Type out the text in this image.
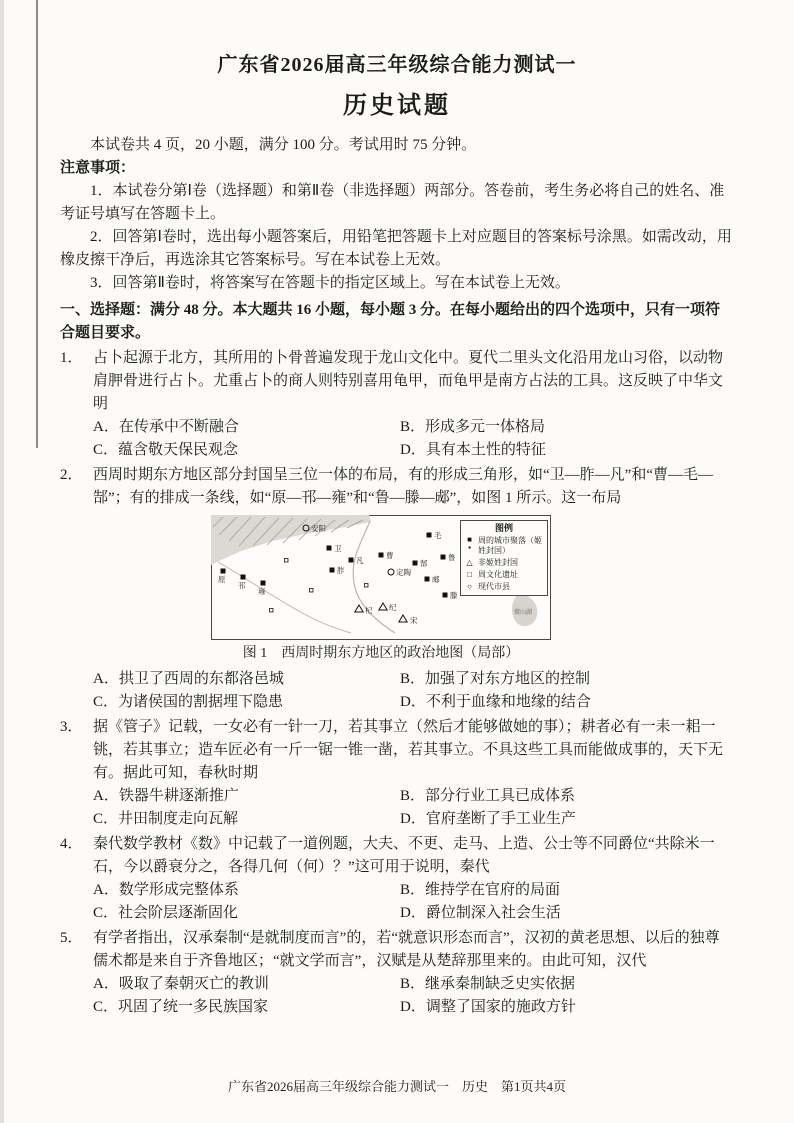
广东省2026届高三年级综合能力测试一
历史试题

本试卷共 4 页，20 小题，满分 100 分。考试用时 75 分钟。

注意事项：

1．本试卷分第Ⅰ卷（选择题）和第Ⅱ卷（非选择题）两部分。答卷前，考生务必将自己的姓名、准考证号填写在答题卡上。

2．回答第Ⅰ卷时，选出每小题答案后，用铅笔把答题卡上对应题目的答案标号涂黑。如需改动，用橡皮擦干净后，再选涂其它答案标号。写在本试卷上无效。

3．回答第Ⅱ卷时，将答案写在答题卡的指定区域上。写在本试卷上无效。

一、选择题：满分 48 分。本大题共 16 小题，每小题 3 分。在每小题给出的四个选项中，只有一项符合题目要求。

1． 占卜起源于北方，其所用的卜骨普遍发现于龙山文化中。夏代二里头文化沿用龙山习俗，以动物肩胛骨进行占卜。尤重占卜的商人则特别喜用龟甲，而龟甲是南方占法的工具。这反映了中华文明
A．在传承中不断融合	B．形成多元一体格局
C．蕴含敬天保民观念	D．具有本土性的特征
2． 西周时期东方地区部分封国呈三位一体的布局，有的形成三角形，如“卫—胙—凡”和“曹—毛—郜”；有的排成一条线，如“原—邗—雍”和“鲁—滕—郕”，如图 1 所示。这一布局
安阳
卫
凡
胙
原
邗
雍
曹
定陶
毛
郜
鲁
郕
滕
宋
杞 纪
微山湖
图例
■
▪
周的城市聚落（姬姓封国）
△ 非姬姓封国
□ 周文化遗址
○ 现代市县
图 1　西周时期东方地区的政治地图（局部）
A．拱卫了西周的东都洛邑城	B．加强了对东方地区的控制
C．为诸侯国的割据埋下隐患	D．不利于血缘和地缘的结合
3． 据《管子》记载，一女必有一针一刀，若其事立（然后才能够做她的事）；耕者必有一耒一耜一铫，若其事立；造车匠必有一斤一锯一锥一凿，若其事立。不具这些工具而能做成事的，天下无有。据此可知，春秋时期
A．铁器牛耕逐渐推广	B．部分行业工具已成体系
C．井田制度走向瓦解	D．官府垄断了手工业生产
4． 秦代数学教材《数》中记载了一道例题，大夫、不更、走马、上造、公士等不同爵位“共除米一石，今以爵衰分之，各得几何（何）？”这可用于说明，秦代
A．数学形成完整体系	B．维持学在官府的局面
C．社会阶层逐渐固化	D．爵位制深入社会生活
5． 有学者指出，汉承秦制“是就制度而言”的，若“就意识形态而言”，汉初的黄老思想、以后的独尊儒术都是来自于齐鲁地区；“就文学而言”，汉赋是从楚辞那里来的。由此可知，汉代
A．吸取了秦朝灭亡的教训	B．继承秦制缺乏史实依据
C．巩固了统一多民族国家	D．调整了国家的施政方针
广东省2026届高三年级综合能力测试一　历史　第1页共4页
